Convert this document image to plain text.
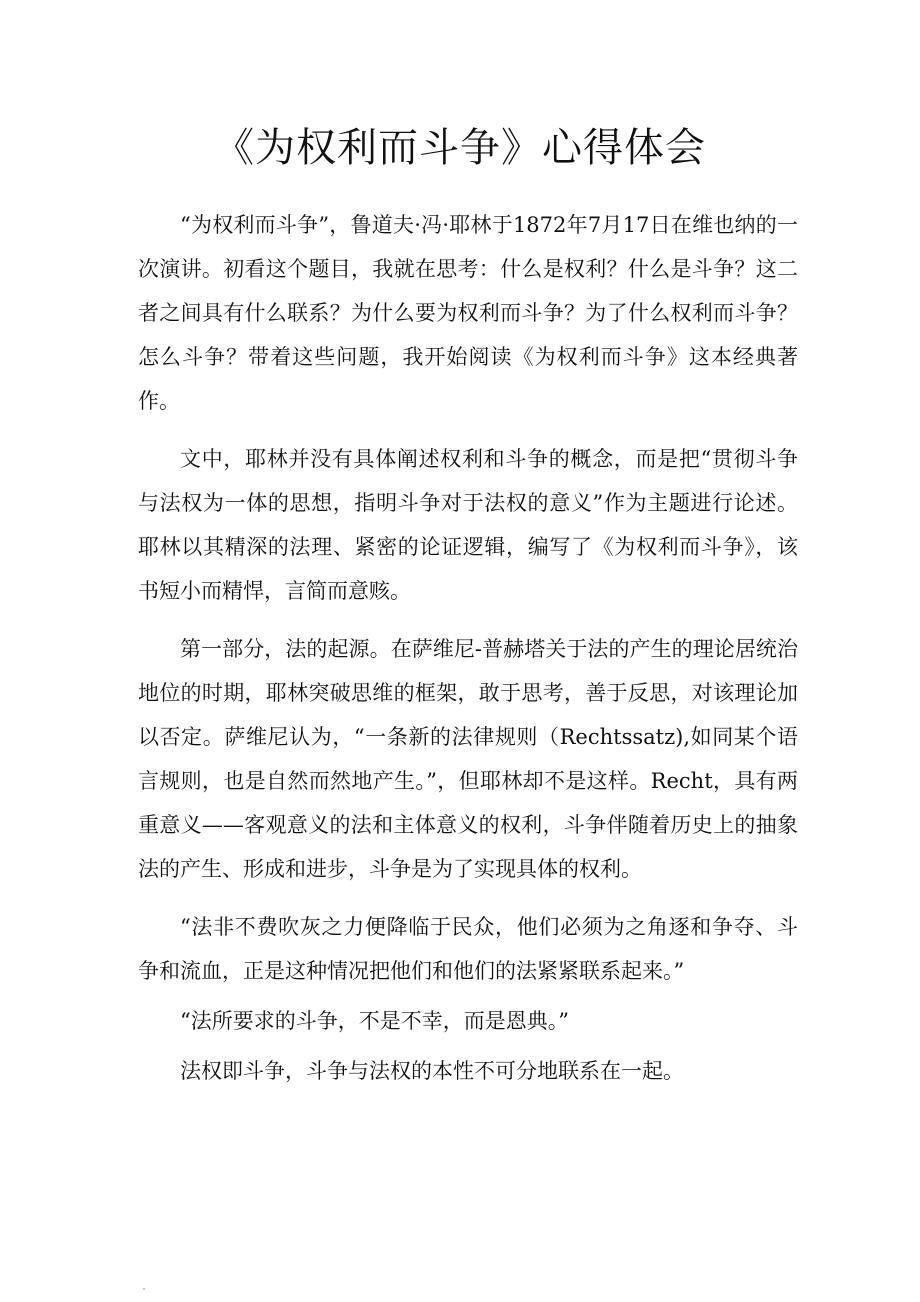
《为权利而斗争》心得体会

“为权利而斗争”，鲁道夫·冯·耶林于1872年7月17日在维也纳的一次演讲。初看这个题目，我就在思考：什么是权利？什么是斗争？这二者之间具有什么联系？为什么要为权利而斗争？为了什么权利而斗争？怎么斗争？带着这些问题，我开始阅读《为权利而斗争》这本经典著作。

文中，耶林并没有具体阐述权利和斗争的概念，而是把“贯彻斗争与法权为一体的思想，指明斗争对于法权的意义”作为主题进行论述。耶林以其精深的法理、紧密的论证逻辑，编写了《为权利而斗争》，该书短小而精悍，言简而意赅。

第一部分，法的起源。在萨维尼-普赫塔关于法的产生的理论居统治地位的时期，耶林突破思维的框架，敢于思考，善于反思，对该理论加以否定。萨维尼认为，“一条新的法律规则（Rechtssatz),如同某个语言规则，也是自然而然地产生。”，但耶林却不是这样。Recht，具有两重意义——客观意义的法和主体意义的权利，斗争伴随着历史上的抽象法的产生、形成和进步，斗争是为了实现具体的权利。

“法非不费吹灰之力便降临于民众，他们必须为之角逐和争夺、斗争和流血，正是这种情况把他们和他们的法紧紧联系起来。”

“法所要求的斗争，不是不幸，而是恩典。”

法权即斗争，斗争与法权的本性不可分地联系在一起。
